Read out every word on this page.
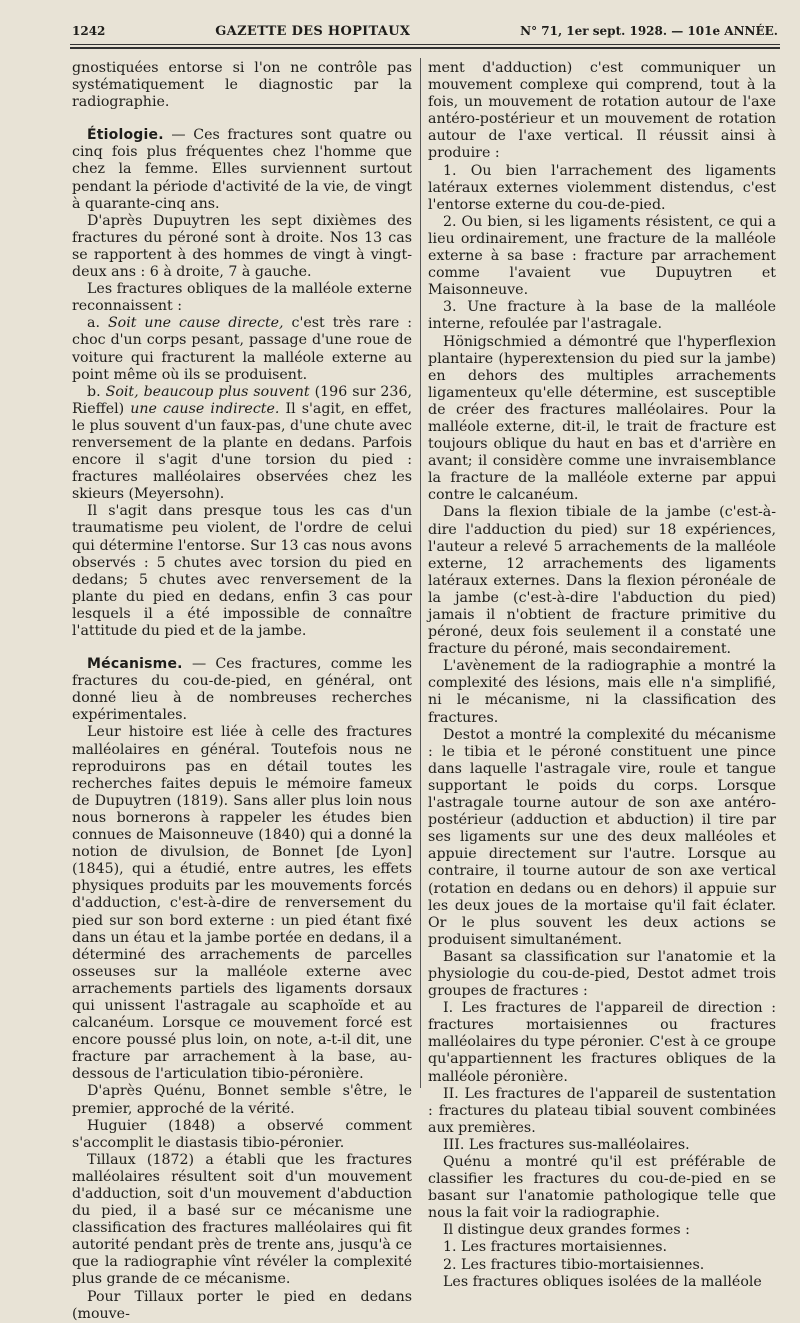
1242	GAZETTE DES HOPITAUX	N° 71, 1er sept. 1928. — 101e ANNÉE.

gnostiquées entorse si l'on ne contrôle pas systématiquement le diagnostic par la radiographie.

Étiologie. — Ces fractures sont quatre ou cinq fois plus fréquentes chez l'homme que chez la femme. Elles surviennent surtout pendant la période d'activité de la vie, de vingt à quarante-cinq ans.

D'après Dupuytren les sept dixièmes des fractures du péroné sont à droite. Nos 13 cas se rapportent à des hommes de vingt à vingt-deux ans : 6 à droite, 7 à gauche.

Les fractures obliques de la malléole externe reconnaissent :

a. Soit une cause directe, c'est très rare : choc d'un corps pesant, passage d'une roue de voiture qui fracturent la malléole externe au point même où ils se produisent.

b. Soit, beaucoup plus souvent (196 sur 236, Rieffel) une cause indirecte. Il s'agit, en effet, le plus souvent d'un faux-pas, d'une chute avec renversement de la plante en dedans. Parfois encore il s'agit d'une torsion du pied : fractures malléolaires observées chez les skieurs (Meyersohn).

Il s'agit dans presque tous les cas d'un traumatisme peu violent, de l'ordre de celui qui détermine l'entorse. Sur 13 cas nous avons observés : 5 chutes avec torsion du pied en dedans; 5 chutes avec renversement de la plante du pied en dedans, enfin 3 cas pour lesquels il a été impossible de connaître l'attitude du pied et de la jambe.

Mécanisme. — Ces fractures, comme les fractures du cou-de-pied, en général, ont donné lieu à de nombreuses recherches expérimentales.

Leur histoire est liée à celle des fractures malléolaires en général. Toutefois nous ne reproduirons pas en détail toutes les recherches faites depuis le mémoire fameux de Dupuytren (1819). Sans aller plus loin nous nous bornerons à rappeler les études bien connues de Maisonneuve (1840) qui a donné la notion de divulsion, de Bonnet [de Lyon] (1845), qui a étudié, entre autres, les effets physiques produits par les mouvements forcés d'adduction, c'est-à-dire de renversement du pied sur son bord externe : un pied étant fixé dans un étau et la jambe portée en dedans, il a déterminé des arrachements de parcelles osseuses sur la malléole externe avec arrachements partiels des ligaments dorsaux qui unissent l'astragale au scaphoïde et au calcanéum. Lorsque ce mouvement forcé est encore poussé plus loin, on note, a-t-il dit, une fracture par arrachement à la base, au-dessous de l'articulation tibio-péronière.

D'après Quénu, Bonnet semble s'être, le premier, approché de la vérité.

Huguier (1848) a observé comment s'accomplit le diastasis tibio-péronier.

Tillaux (1872) a établi que les fractures malléolaires résultent soit d'un mouvement d'adduction, soit d'un mouvement d'abduction du pied, il a basé sur ce mécanisme une classification des fractures malléolaires qui fit autorité pendant près de trente ans, jusqu'à ce que la radiographie vînt révéler la complexité plus grande de ce mécanisme.

Pour Tillaux porter le pied en dedans (mouve-

ment d'adduction) c'est communiquer un mouvement complexe qui comprend, tout à la fois, un mouvement de rotation autour de l'axe antéro-postérieur et un mouvement de rotation autour de l'axe vertical. Il réussit ainsi à produire :

1. Ou bien l'arrachement des ligaments latéraux externes violemment distendus, c'est l'entorse externe du cou-de-pied.

2. Ou bien, si les ligaments résistent, ce qui a lieu ordinairement, une fracture de la malléole externe à sa base : fracture par arrachement comme l'avaient vue Dupuytren et Maisonneuve.

3. Une fracture à la base de la malléole interne, refoulée par l'astragale.

Hönigschmied a démontré que l'hyperflexion plantaire (hyperextension du pied sur la jambe) en dehors des multiples arrachements ligamenteux qu'elle détermine, est susceptible de créer des fractures malléolaires. Pour la malléole externe, dit-il, le trait de fracture est toujours oblique du haut en bas et d'arrière en avant; il considère comme une invraisemblance la fracture de la malléole externe par appui contre le calcanéum.

Dans la flexion tibiale de la jambe (c'est-à-dire l'adduction du pied) sur 18 expériences, l'auteur a relevé 5 arrachements de la malléole externe, 12 arrachements des ligaments latéraux externes. Dans la flexion péronéale de la jambe (c'est-à-dire l'abduction du pied) jamais il n'obtient de fracture primitive du péroné, deux fois seulement il a constaté une fracture du péroné, mais secondairement.

L'avènement de la radiographie a montré la complexité des lésions, mais elle n'a simplifié, ni le mécanisme, ni la classification des fractures.

Destot a montré la complexité du mécanisme : le tibia et le péroné constituent une pince dans laquelle l'astragale vire, roule et tangue supportant le poids du corps. Lorsque l'astragale tourne autour de son axe antéro-postérieur (adduction et abduction) il tire par ses ligaments sur une des deux malléoles et appuie directement sur l'autre. Lorsque au contraire, il tourne autour de son axe vertical (rotation en dedans ou en dehors) il appuie sur les deux joues de la mortaise qu'il fait éclater. Or le plus souvent les deux actions se produisent simultanément.

Basant sa classification sur l'anatomie et la physiologie du cou-de-pied, Destot admet trois groupes de fractures :

I. Les fractures de l'appareil de direction : fractures mortaisiennes ou fractures malléolaires du type péronier. C'est à ce groupe qu'appartiennent les fractures obliques de la malléole péronière.

II. Les fractures de l'appareil de sustentation : fractures du plateau tibial souvent combinées aux premières.

III. Les fractures sus-malléolaires.

Quénu a montré qu'il est préférable de classifier les fractures du cou-de-pied en se basant sur l'anatomie pathologique telle que nous la fait voir la radiographie.

Il distingue deux grandes formes :

1. Les fractures mortaisiennes.

2. Les fractures tibio-mortaisiennes.

Les fractures obliques isolées de la malléole
